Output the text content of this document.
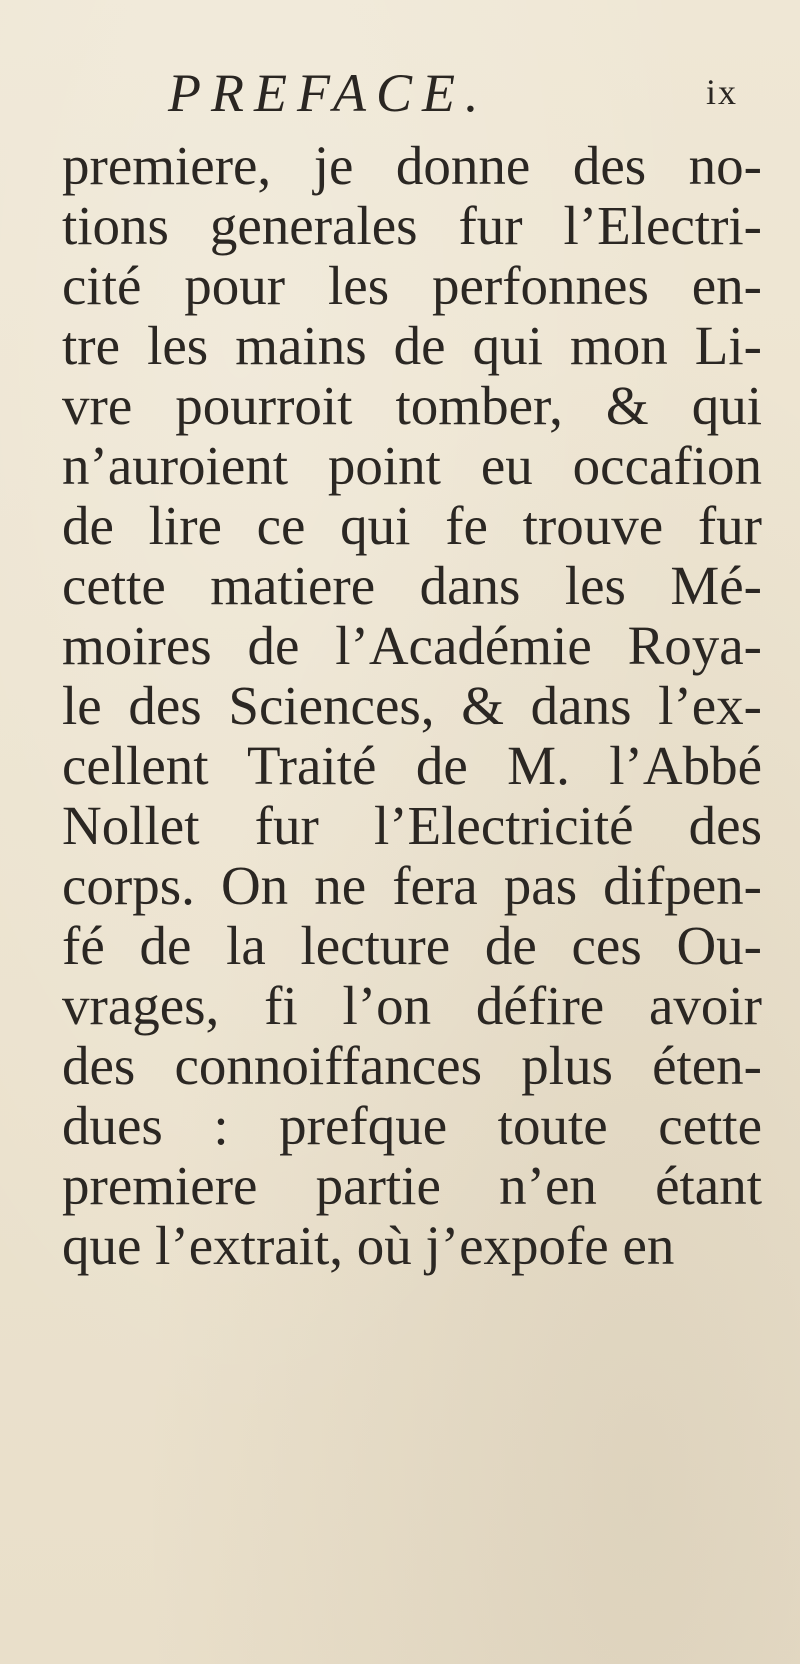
PREFACE.	ix
premiere, je donne des no-
tions generales fur l’Electri-
cité pour les perfonnes en-
tre les mains de qui mon Li-
vre pourroit tomber, & qui
n’auroient point eu occafion
de lire ce qui fe trouve fur
cette matiere dans les Mé-
moires de l’Académie Roya-
le des Sciences, & dans l’ex-
cellent Traité de M. l’Abbé
Nollet fur l’Electricité des
corps. On ne fera pas difpen-
fé de la lecture de ces Ou-
vrages, fi l’on défire avoir
des connoiffances plus éten-
dues : prefque toute cette
premiere partie n’en étant
que l’extrait, où j’expofe en
